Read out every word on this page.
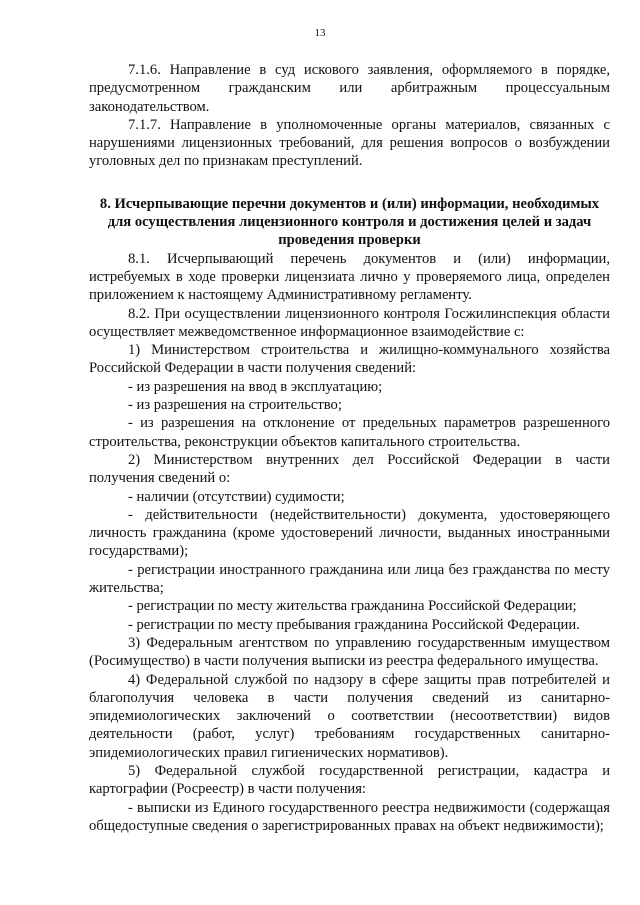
13

7.1.6. Направление в суд искового заявления, оформляемого в порядке, предусмотренном гражданским или арбитражным процессуальным законодательством.

7.1.7. Направление в уполномоченные органы материалов, связанных с нарушениями лицензионных требований, для решения вопросов о возбуждении уголовных дел по признакам преступлений.

8. Исчерпывающие перечни документов и (или) информации, необходимых для осуществления лицензионного контроля и достижения целей и задач проведения проверки

8.1. Исчерпывающий перечень документов и (или) информации, истребуемых в ходе проверки лицензиата лично у проверяемого лица, определен приложением к настоящему Административному регламенту.

8.2. При осуществлении лицензионного контроля Госжилинспекция области осуществляет межведомственное информационное взаимодействие с:

1) Министерством строительства и жилищно-коммунального хозяйства Российской Федерации в части получения сведений:

- из разрешения на ввод в эксплуатацию;

- из разрешения на строительство;

- из разрешения на отклонение от предельных параметров разрешенного строительства, реконструкции объектов капитального строительства.

2) Министерством внутренних дел Российской Федерации в части получения сведений о:

- наличии (отсутствии) судимости;

- действительности (недействительности) документа, удостоверяющего личность гражданина (кроме удостоверений личности, выданных иностранными государствами);

- регистрации иностранного гражданина или лица без гражданства по месту жительства;

- регистрации по месту жительства гражданина Российской Федерации;

- регистрации по месту пребывания гражданина Российской Федерации.

3) Федеральным агентством по управлению государственным имуществом (Росимущество) в части получения выписки из реестра федерального имущества.

4) Федеральной службой по надзору в сфере защиты прав потребителей и благополучия человека в части получения сведений из санитарно-эпидемиологических заключений о соответствии (несоответствии) видов деятельности (работ, услуг) требованиям государственных санитарно-эпидемиологических правил гигиенических нормативов).

5) Федеральной службой государственной регистрации, кадастра и картографии (Росреестр) в части получения:

- выписки из Единого государственного реестра недвижимости (содержащая общедоступные сведения о зарегистрированных правах на объект недвижимости);
